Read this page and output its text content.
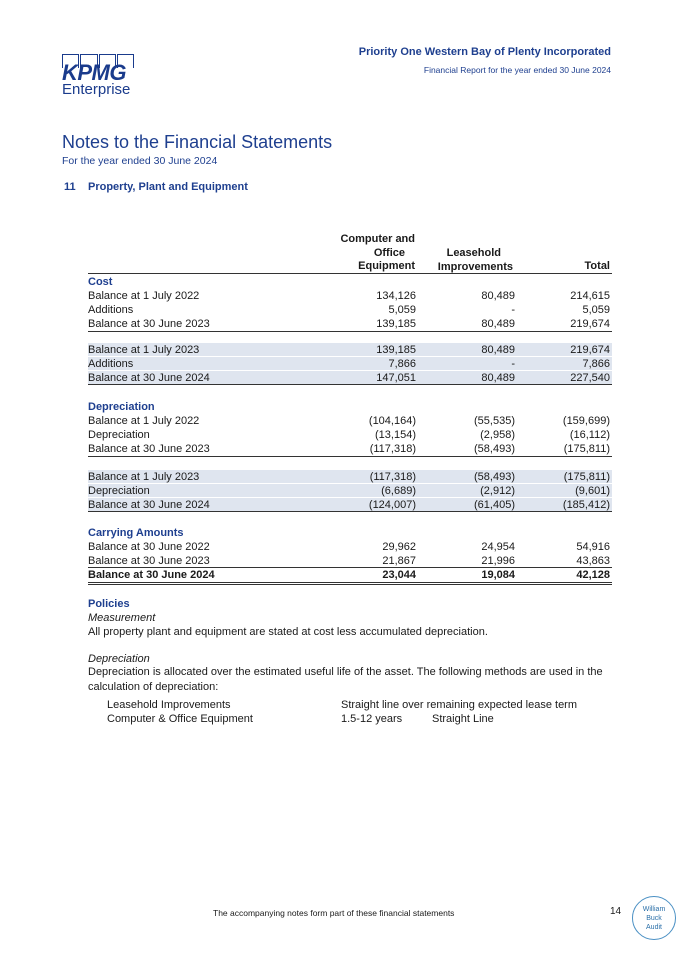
KPMG
Enterprise
Priority One Western Bay of Plenty Incorporated
Financial Report for the year ended 30 June 2024
Notes to the Financial Statements
For the year ended 30 June 2024
11 Property, Plant and Equipment
Computer and
Office
Equipment
Leasehold
Improvements	Total
Cost
Balance at 1 July 2022	134,126	80,489	214,615
Additions	5,059	-	5,059
Balance at 30 June 2023	139,185	80,489	219,674
Balance at 1 July 2023	139,185	80,489	219,674
Additions	7,866	-	7,866
Balance at 30 June 2024	147,051	80,489	227,540
Depreciation
Balance at 1 July 2022	(104,164)	(55,535)	(159,699)
Depreciation	(13,154)	(2,958)	(16,112)
Balance at 30 June 2023	(117,318)	(58,493)	(175,811)
Balance at 1 July 2023	(117,318)	(58,493)	(175,811)
Depreciation	(6,689)	(2,912)	(9,601)
Balance at 30 June 2024	(124,007)	(61,405)	(185,412)
Carrying Amounts
Balance at 30 June 2022	29,962	24,954	54,916
Balance at 30 June 2023	21,867	21,996	43,863
Balance at 30 June 2024	23,044	19,084	42,128
Policies
Measurement
All property plant and equipment are stated at cost less accumulated depreciation.
Depreciation
Depreciation is allocated over the estimated useful life of the asset. The following methods are used in the calculation of depreciation:
Leasehold Improvements	Straight line over remaining expected lease term
Computer & Office Equipment	1.5-12 years	Straight Line
The accompanying notes form part of these financial statements	14	William
Buck
Audit
